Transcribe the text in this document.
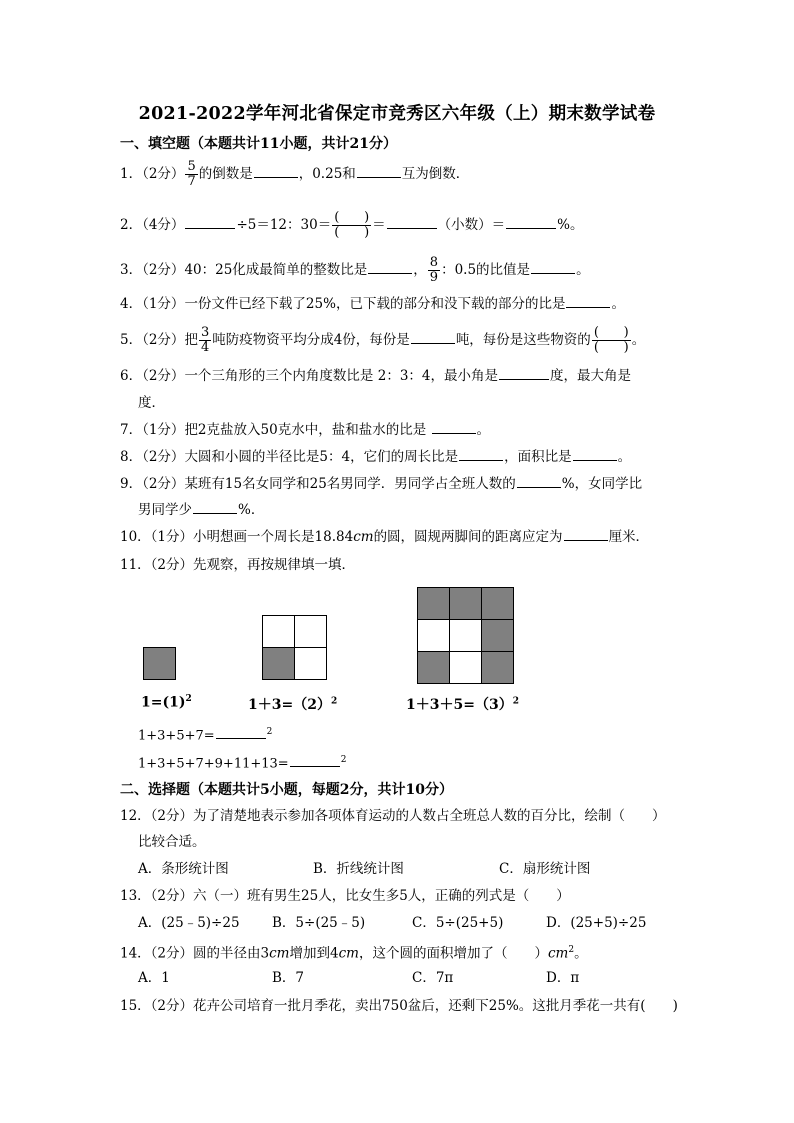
2021-2022学年河北省保定市竞秀区六年级（上）期末数学试卷
一、填空题（本题共计11小题，共计21分）
1．（2分） $\frac{5}{7}$ 的倒数是	，0.25和	互为倒数．
2．（4分）	÷5＝12：30＝ (      )
(      ) ＝	（小数）＝	%。
3．（2分）40：25化成最简单的整数比是	， $\frac{8}{9}$ ：0.5的比值是	。
4．（1分）一份文件已经下载了25%，已下载的部分和没下载的部分的比是	。
5．（2分）把 $\frac{3}{4}$ 吨防疫物资平均分成4份，每份是	吨，每份是这些物资的 (      )
(      ) 。
6．（2分）一个三角形的三个内角度数比是 2：3：4，最小角是	度，最大角是
度．
7．（1分）把2克盐放入50克水中，盐和盐水的比是	。
8．（2分）大圆和小圆的半径比是5：4，它们的周长比是	，面积比是	。
9．（2分）某班有15名女同学和25名男同学．男同学占全班人数的	%，女同学比
男同学少	%．
10．（1分）小明想画一个周长是18.84cm的圆，圆规两脚间的距离应定为	厘米．
11．（2分）先观察，再按规律填一填．
$1=(1)^2$	$1+3=(2)^2$	$1+3+5=(3)^2$
1+3+5+7=	$^2$
1+3+5+7+9+11+13=	$^2$
二、选择题（本题共计5小题，每题2分，共计10分）
12．（2分）为了清楚地表示参加各项体育运动的人数占全班总人数的百分比，绘制（　　）
比较合适。
A．条形统计图	B．折线统计图	C．扇形统计图
13．（2分）六（一）班有男生25人，比女生多5人，正确的列式是（　　）
A．(25﹣5)÷25 B．5÷(25﹣5)	C．5÷(25+5)	D．(25+5)÷25
14．（2分）圆的半径由3cm增加到4cm，这个圆的面积增加了（　　）$cm^2$。
A．1	B．7	C．7π	D．π
15．（2分）花卉公司培育一批月季花，卖出750盆后，还剩下25%。这批月季花一共有(　　)
